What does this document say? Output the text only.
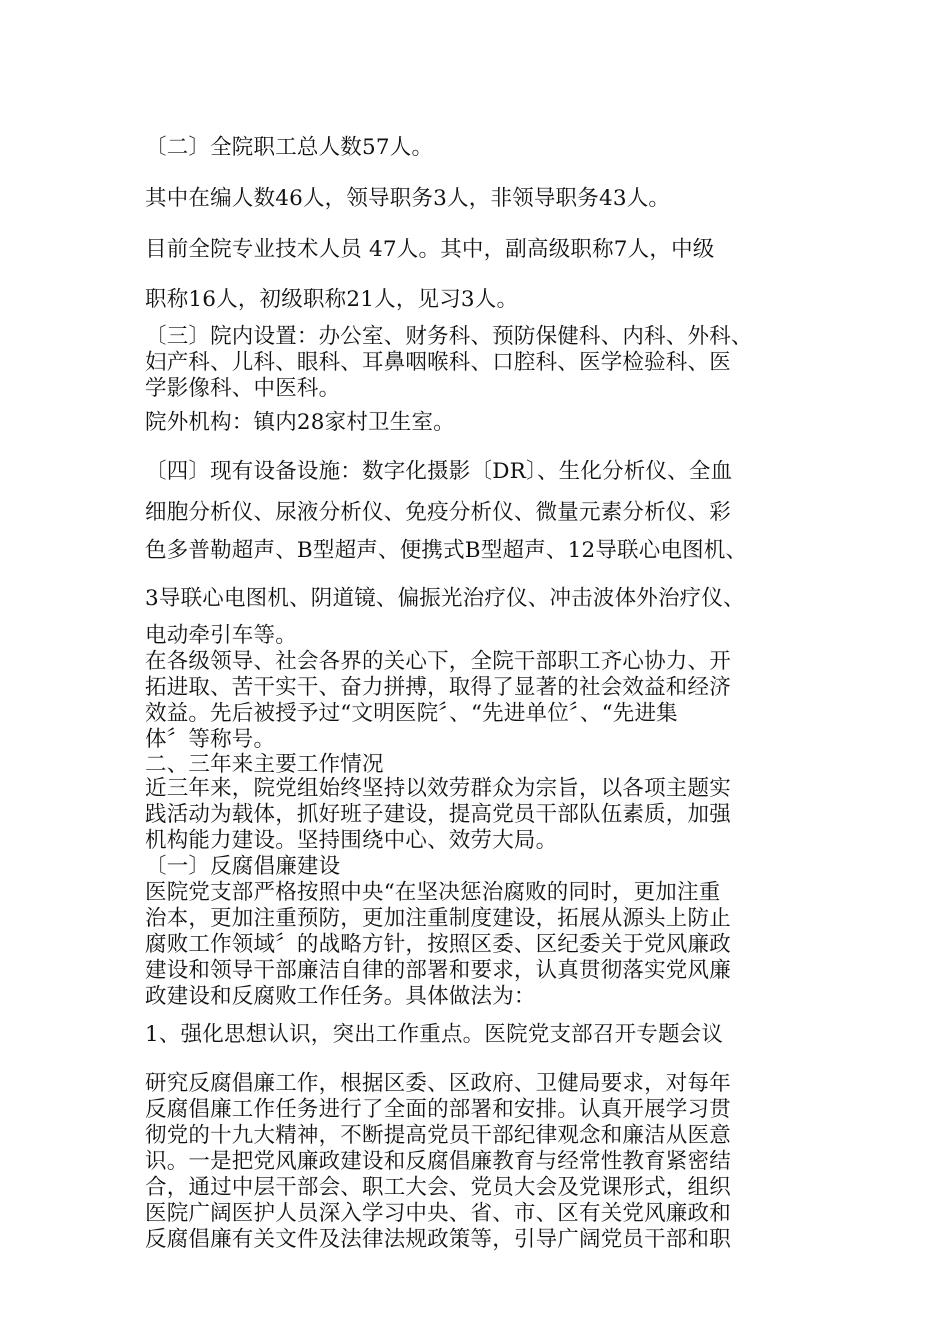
〔二〕全院职工总人数57人。

其中在编人数46人，领导职务3人，非领导职务43人。

目前全院专业技术人员 47人。其中，副高级职称7人，中级

职称16人，初级职称21人，见习3人。

〔三〕院内设置：办公室、财务科、预防保健科、内科、外科、

妇产科、儿科、眼科、耳鼻咽喉科、口腔科、医学检验科、医

学影像科、中医科。

院外机构：镇内28家村卫生室。

〔四〕现有设备设施：数字化摄影〔DR〕、生化分析仪、全血

细胞分析仪、尿液分析仪、免疫分析仪、微量元素分析仪、彩

色多普勒超声、B型超声、便携式B型超声、12导联心电图机、

3导联心电图机、阴道镜、偏振光治疗仪、冲击波体外治疗仪、

电动牵引车等。

在各级领导、社会各界的关心下，全院干部职工齐心协力、开

拓进取、苦干实干、奋力拼搏，取得了显著的社会效益和经济

效益。先后被授予过“文明医院〞、“先进单位〞、“先进集

体〞等称号。

二、三年来主要工作情况

近三年来，院党组始终坚持以效劳群众为宗旨，以各项主题实

践活动为载体，抓好班子建设，提高党员干部队伍素质，加强

机构能力建设。坚持围绕中心、效劳大局。

〔一〕反腐倡廉建设

医院党支部严格按照中央“在坚决惩治腐败的同时，更加注重

治本，更加注重预防，更加注重制度建设，拓展从源头上防止

腐败工作领域〞的战略方针，按照区委、区纪委关于党风廉政

建设和领导干部廉洁自律的部署和要求，认真贯彻落实党风廉

政建设和反腐败工作任务。具体做法为：

1、强化思想认识，突出工作重点。医院党支部召开专题会议

研究反腐倡廉工作，根据区委、区政府、卫健局要求，对每年

反腐倡廉工作任务进行了全面的部署和安排。认真开展学习贯

彻党的十九大精神，不断提高党员干部纪律观念和廉洁从医意

识。一是把党风廉政建设和反腐倡廉教育与经常性教育紧密结

合，通过中层干部会、职工大会、党员大会及党课形式，组织

医院广阔医护人员深入学习中央、省、市、区有关党风廉政和

反腐倡廉有关文件及法律法规政策等，引导广阔党员干部和职
